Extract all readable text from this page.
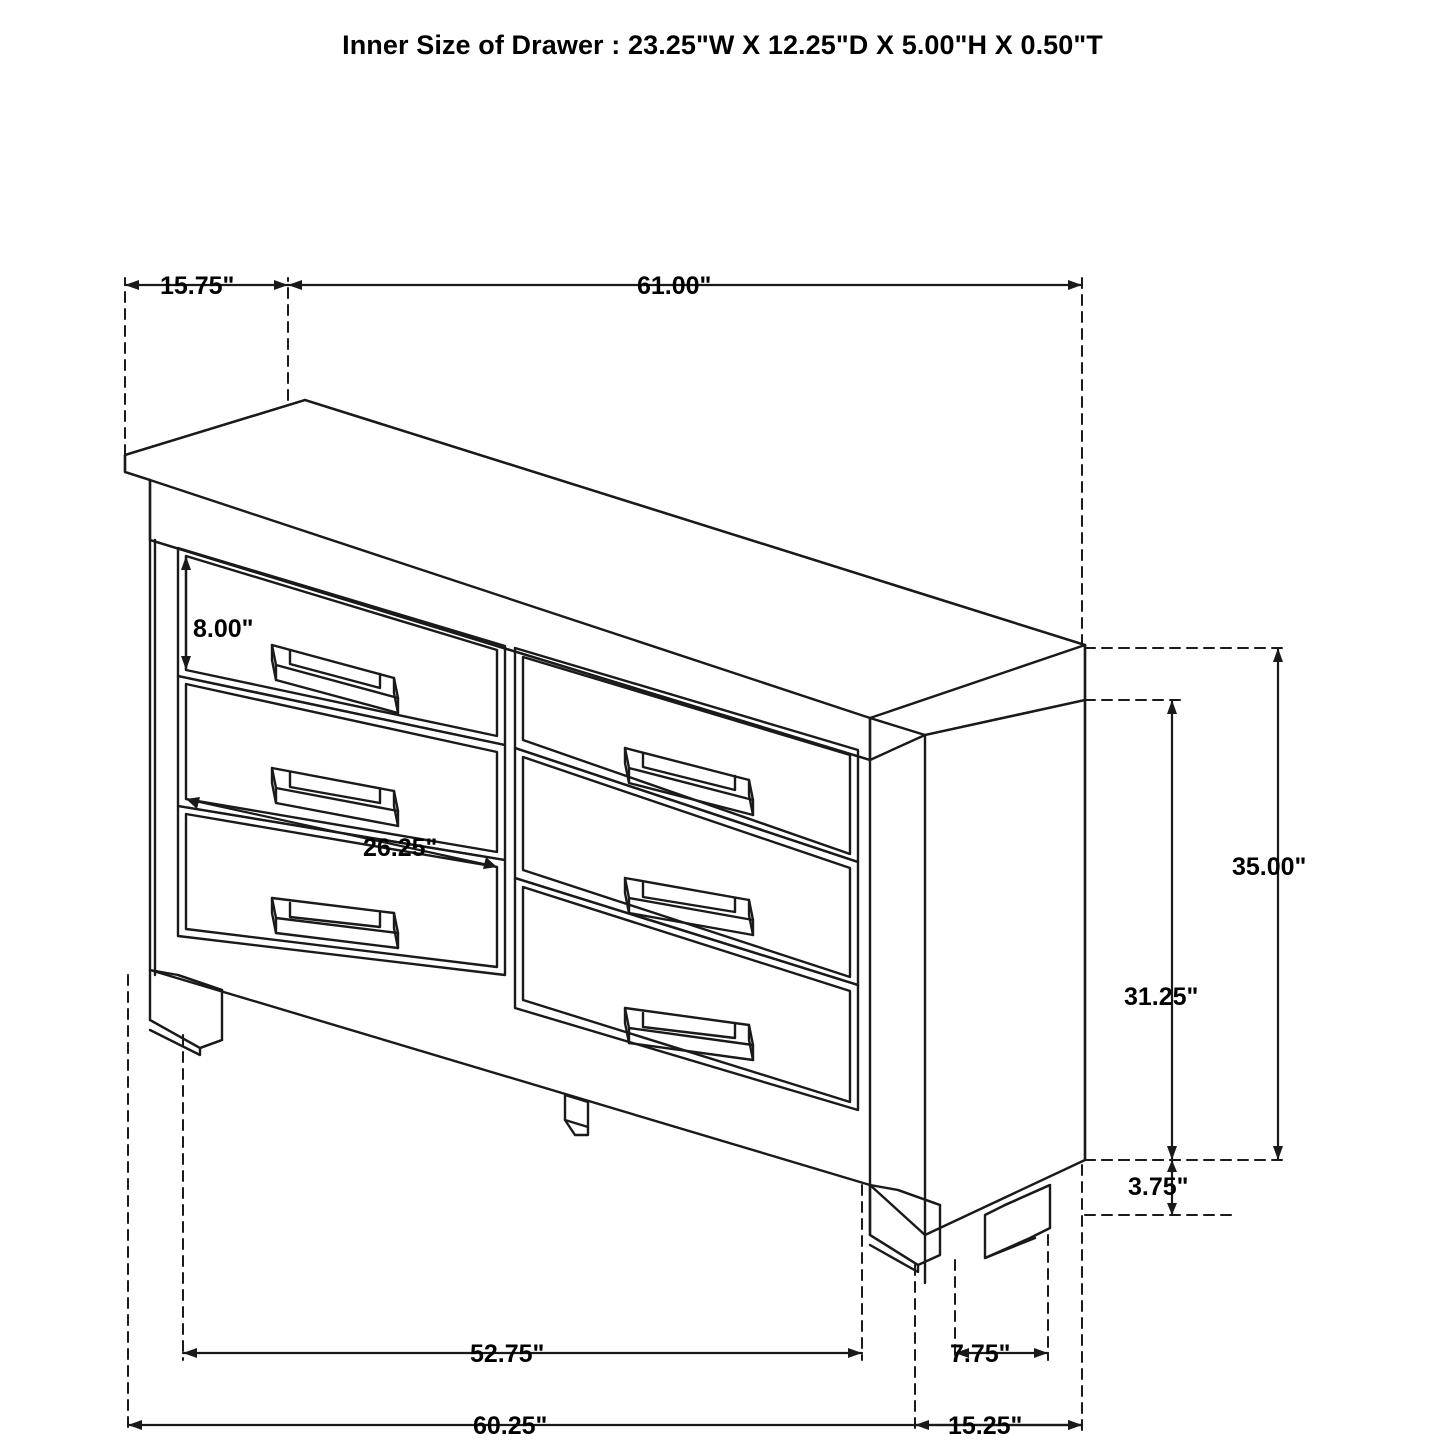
Inner Size of Drawer : 23.25"W X 12.25"D X 5.00"H X 0.50"T
15.75"	61.00"
8.00"
26.25"
35.00"
31.25"
3.75"
52.75"
60.25"
7.75"
15.25"
